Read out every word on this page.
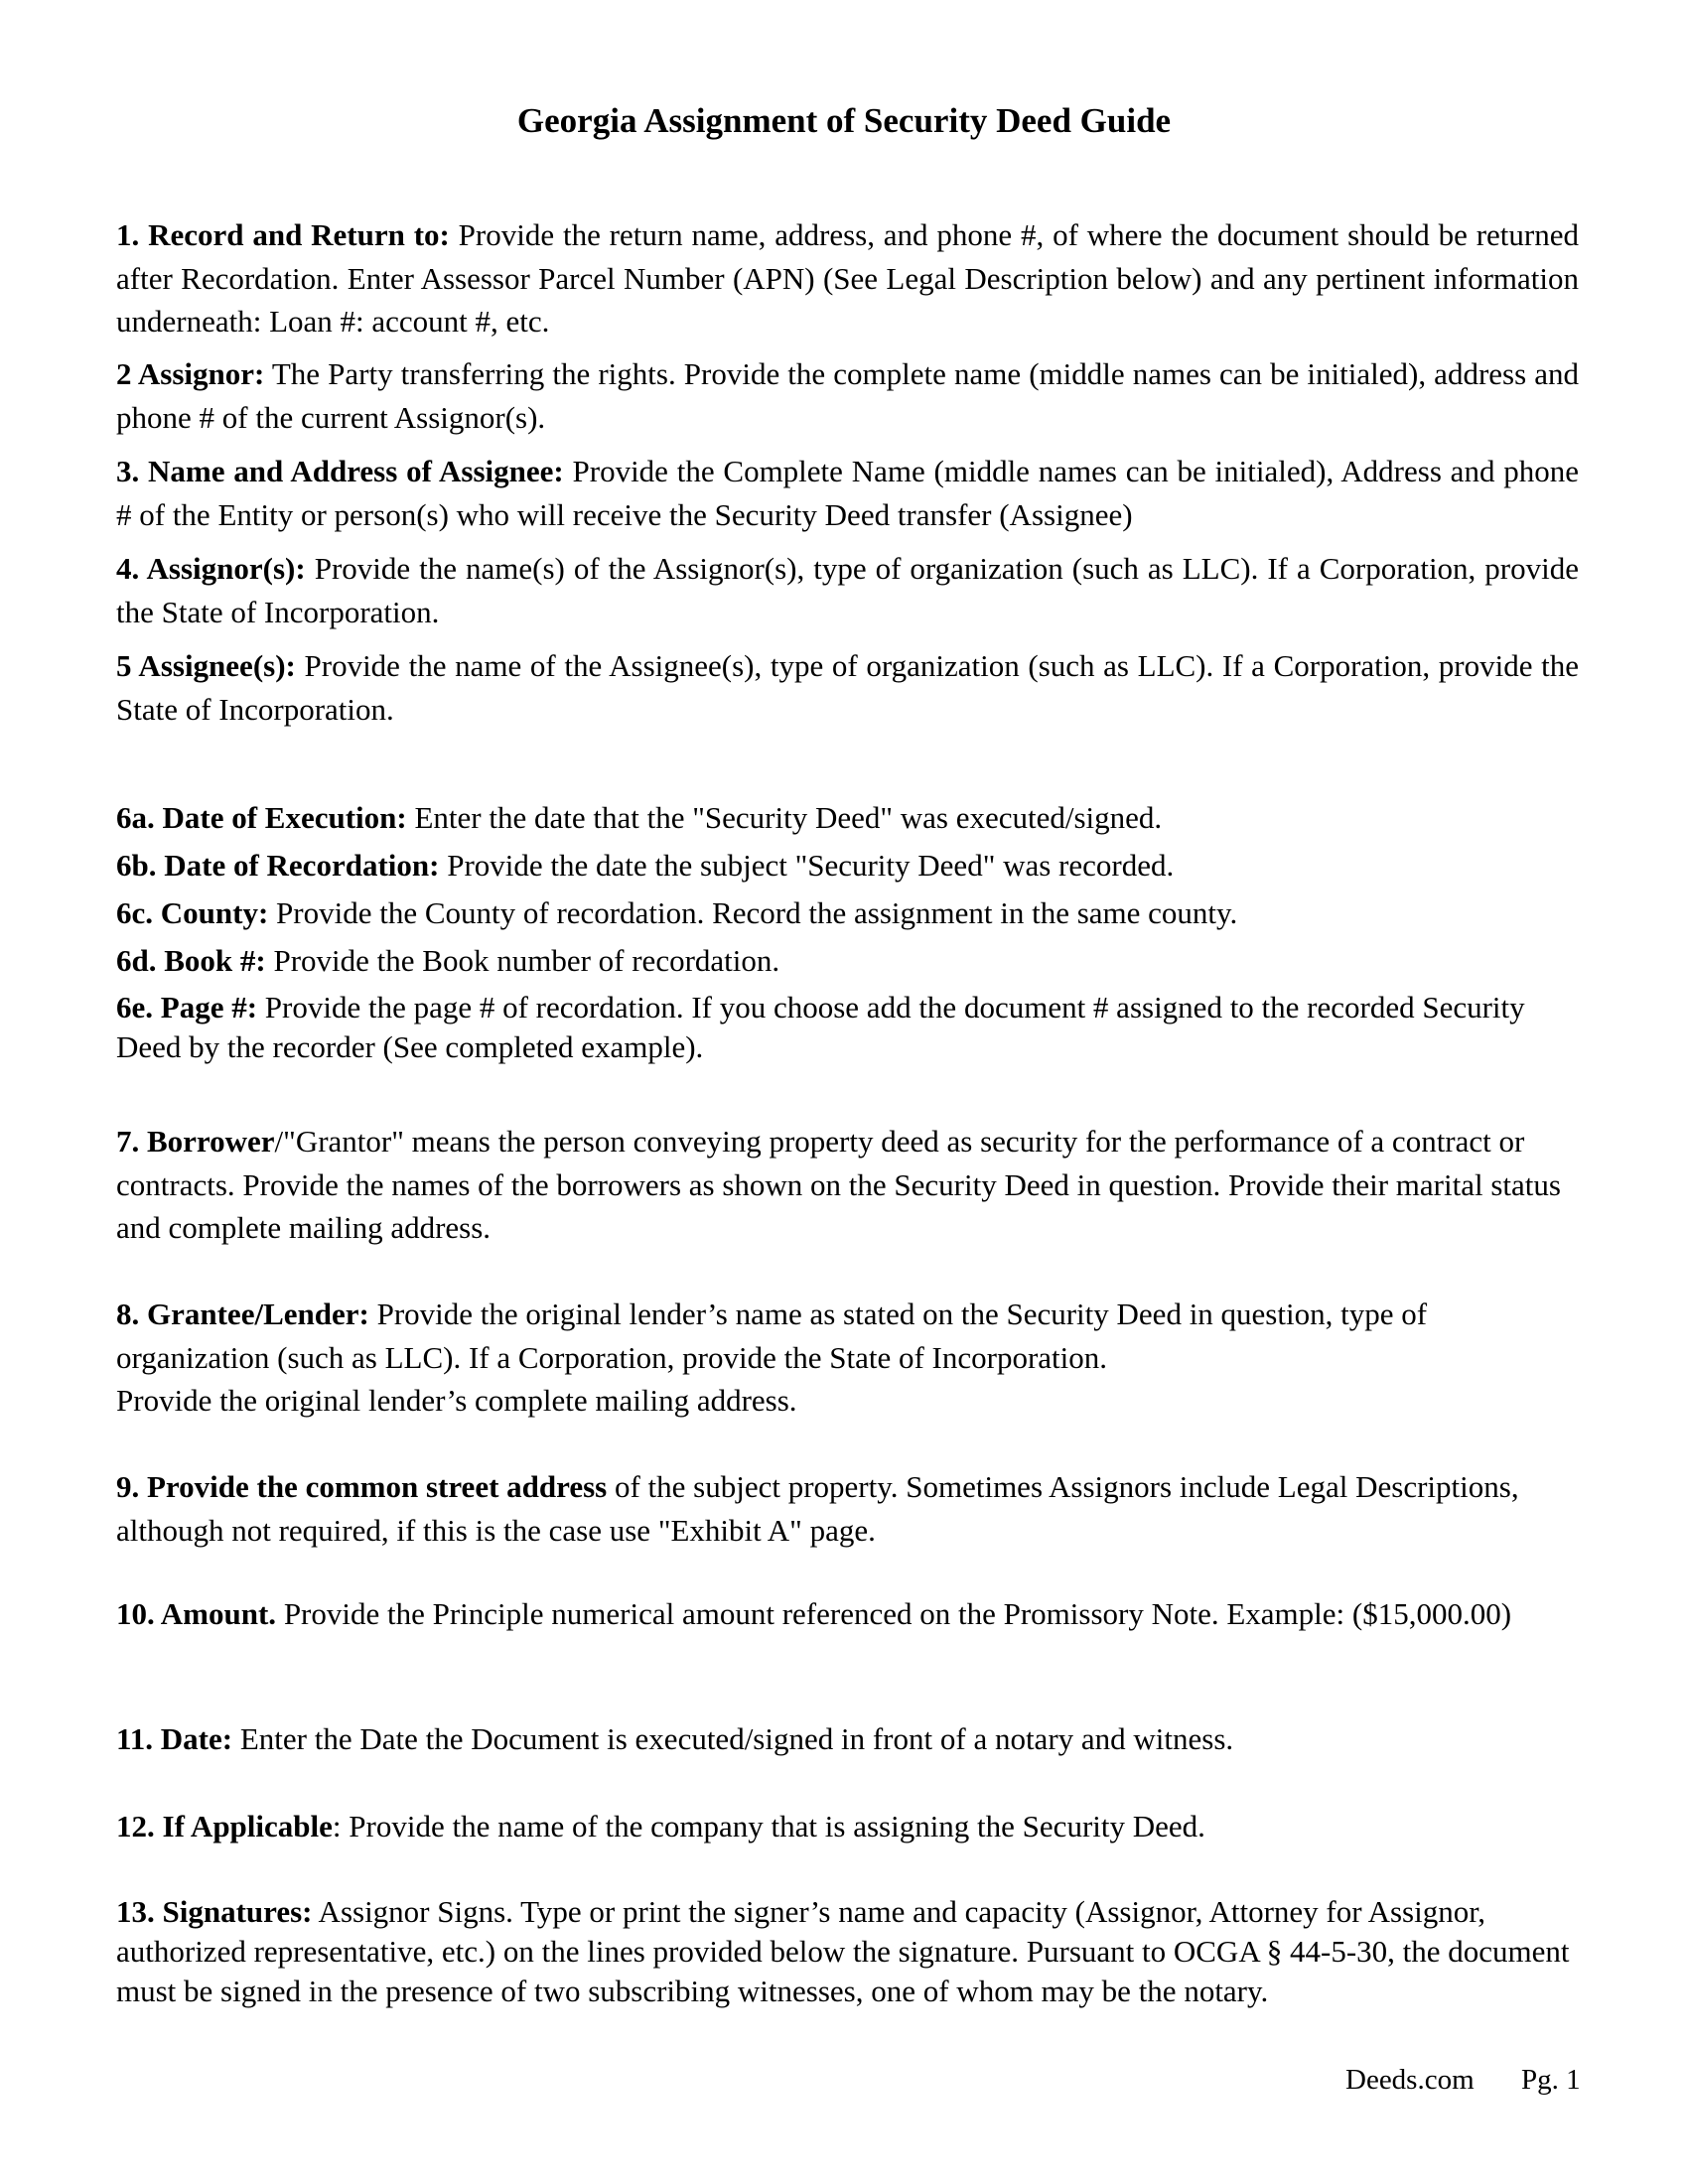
Georgia Assignment of Security Deed Guide

1. Record and Return to: Provide the return name, address, and phone #, of where the document should be returned after Recordation. Enter Assessor Parcel Number (APN) (See Legal Description below) and any pertinent information underneath: Loan #: account #, etc.

2 Assignor: The Party transferring the rights. Provide the complete name (middle names can be initialed), address and phone # of the current Assignor(s).

3. Name and Address of Assignee: Provide the Complete Name (middle names can be initialed), Address and phone # of the Entity or person(s) who will receive the Security Deed transfer (Assignee)

4. Assignor(s): Provide the name(s) of the Assignor(s), type of organization (such as LLC). If a Corporation, provide the State of Incorporation.

5 Assignee(s): Provide the name of the Assignee(s), type of organization (such as LLC). If a Corporation, provide the State of Incorporation.

6a. Date of Execution: Enter the date that the "Security Deed" was executed/signed.

6b. Date of Recordation: Provide the date the subject "Security Deed" was recorded.

6c. County: Provide the County of recordation. Record the assignment in the same county.

6d. Book #: Provide the Book number of recordation.

6e. Page #: Provide the page # of recordation. If you choose add the document # assigned to the recorded Security Deed by the recorder (See completed example).

7. Borrower/"Grantor" means the person conveying property deed as security for the performance of a contract or contracts. Provide the names of the borrowers as shown on the Security Deed in question. Provide their marital status and complete mailing address.

8. Grantee/Lender: Provide the original lender’s name as stated on the Security Deed in question, type of organization (such as LLC). If a Corporation, provide the State of Incorporation.
Provide the original lender’s complete mailing address.

9. Provide the common street address of the subject property. Sometimes Assignors include Legal Descriptions, although not required, if this is the case use "Exhibit A" page.

10. Amount. Provide the Principle numerical amount referenced on the Promissory Note. Example: ($15,000.00)

11. Date: Enter the Date the Document is executed/signed in front of a notary and witness.

12. If Applicable: Provide the name of the company that is assigning the Security Deed.

13. Signatures: Assignor Signs. Type or print the signer’s name and capacity (Assignor, Attorney for Assignor, authorized representative, etc.) on the lines provided below the signature. Pursuant to OCGA § 44-5-30, the document must be signed in the presence of two subscribing witnesses, one of whom may be the notary.

Deeds.com Pg. 1
